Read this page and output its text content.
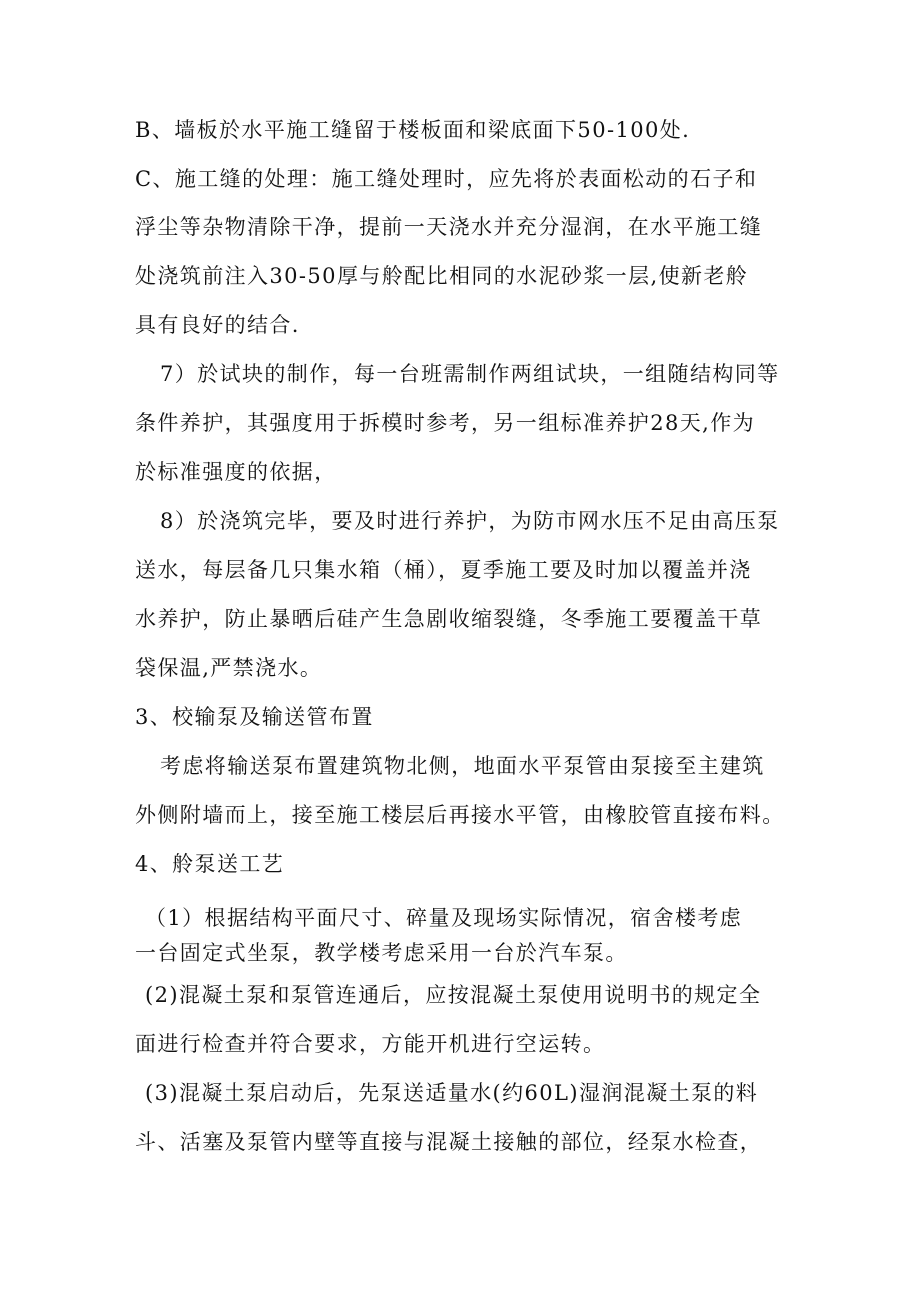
B、墙板於水平施工缝留于楼板面和梁底面下50-100处.
C、施工缝的处理：施工缝处理时，应先将於表面松动的石子和
浮尘等杂物清除干净，提前一天浇水并充分湿润，在水平施工缝
处浇筑前注入30-50厚与舲配比相同的水泥砂浆一层,使新老舲
具有良好的结合.
7）於试块的制作，每一台班需制作两组试块，一组随结构同等
条件养护，其强度用于拆模时参考，另一组标准养护28天,作为
於标准强度的依据，
8）於浇筑完毕，要及时进行养护，为防市网水压不足由高压泵
送水，每层备几只集水箱（桶），夏季施工要及时加以覆盖并浇
水养护，防止暴晒后硅产生急剧收缩裂缝，冬季施工要覆盖干草
袋保温,严禁浇水。
3、校输泵及输送管布置
考虑将输送泵布置建筑物北侧，地面水平泵管由泵接至主建筑
外侧附墙而上，接至施工楼层后再接水平管，由橡胶管直接布料。
4、舲泵送工艺
（1）根据结构平面尺寸、碎量及现场实际情况，宿舍楼考虑
一台固定式坐泵，教学楼考虑采用一台於汽车泵。
(2)混凝土泵和泵管连通后，应按混凝土泵使用说明书的规定全
面进行检查并符合要求，方能开机进行空运转。
(3)混凝土泵启动后，先泵送适量水(约60L)湿润混凝土泵的料
斗、活塞及泵管内壁等直接与混凝土接触的部位，经泵水检查，
